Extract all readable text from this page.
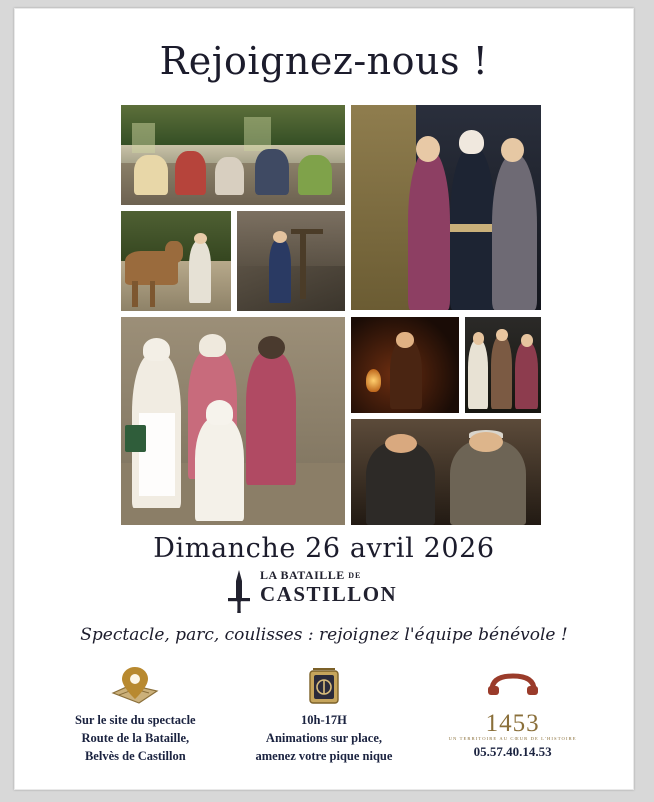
Rejoignez-nous !
Dimanche 26 avril 2026
LA BATAILLE DE
CASTILLON
Spectacle, parc, coulisses : rejoignez l'équipe bénévole !
Sur le site du spectacle
Route de la Bataille,
Belvès de Castillon
10h-17H
Animations sur place,
amenez votre pique nique
1453
UN TERRITOIRE AU CŒUR DE L'HISTOIRE
05.57.40.14.53
